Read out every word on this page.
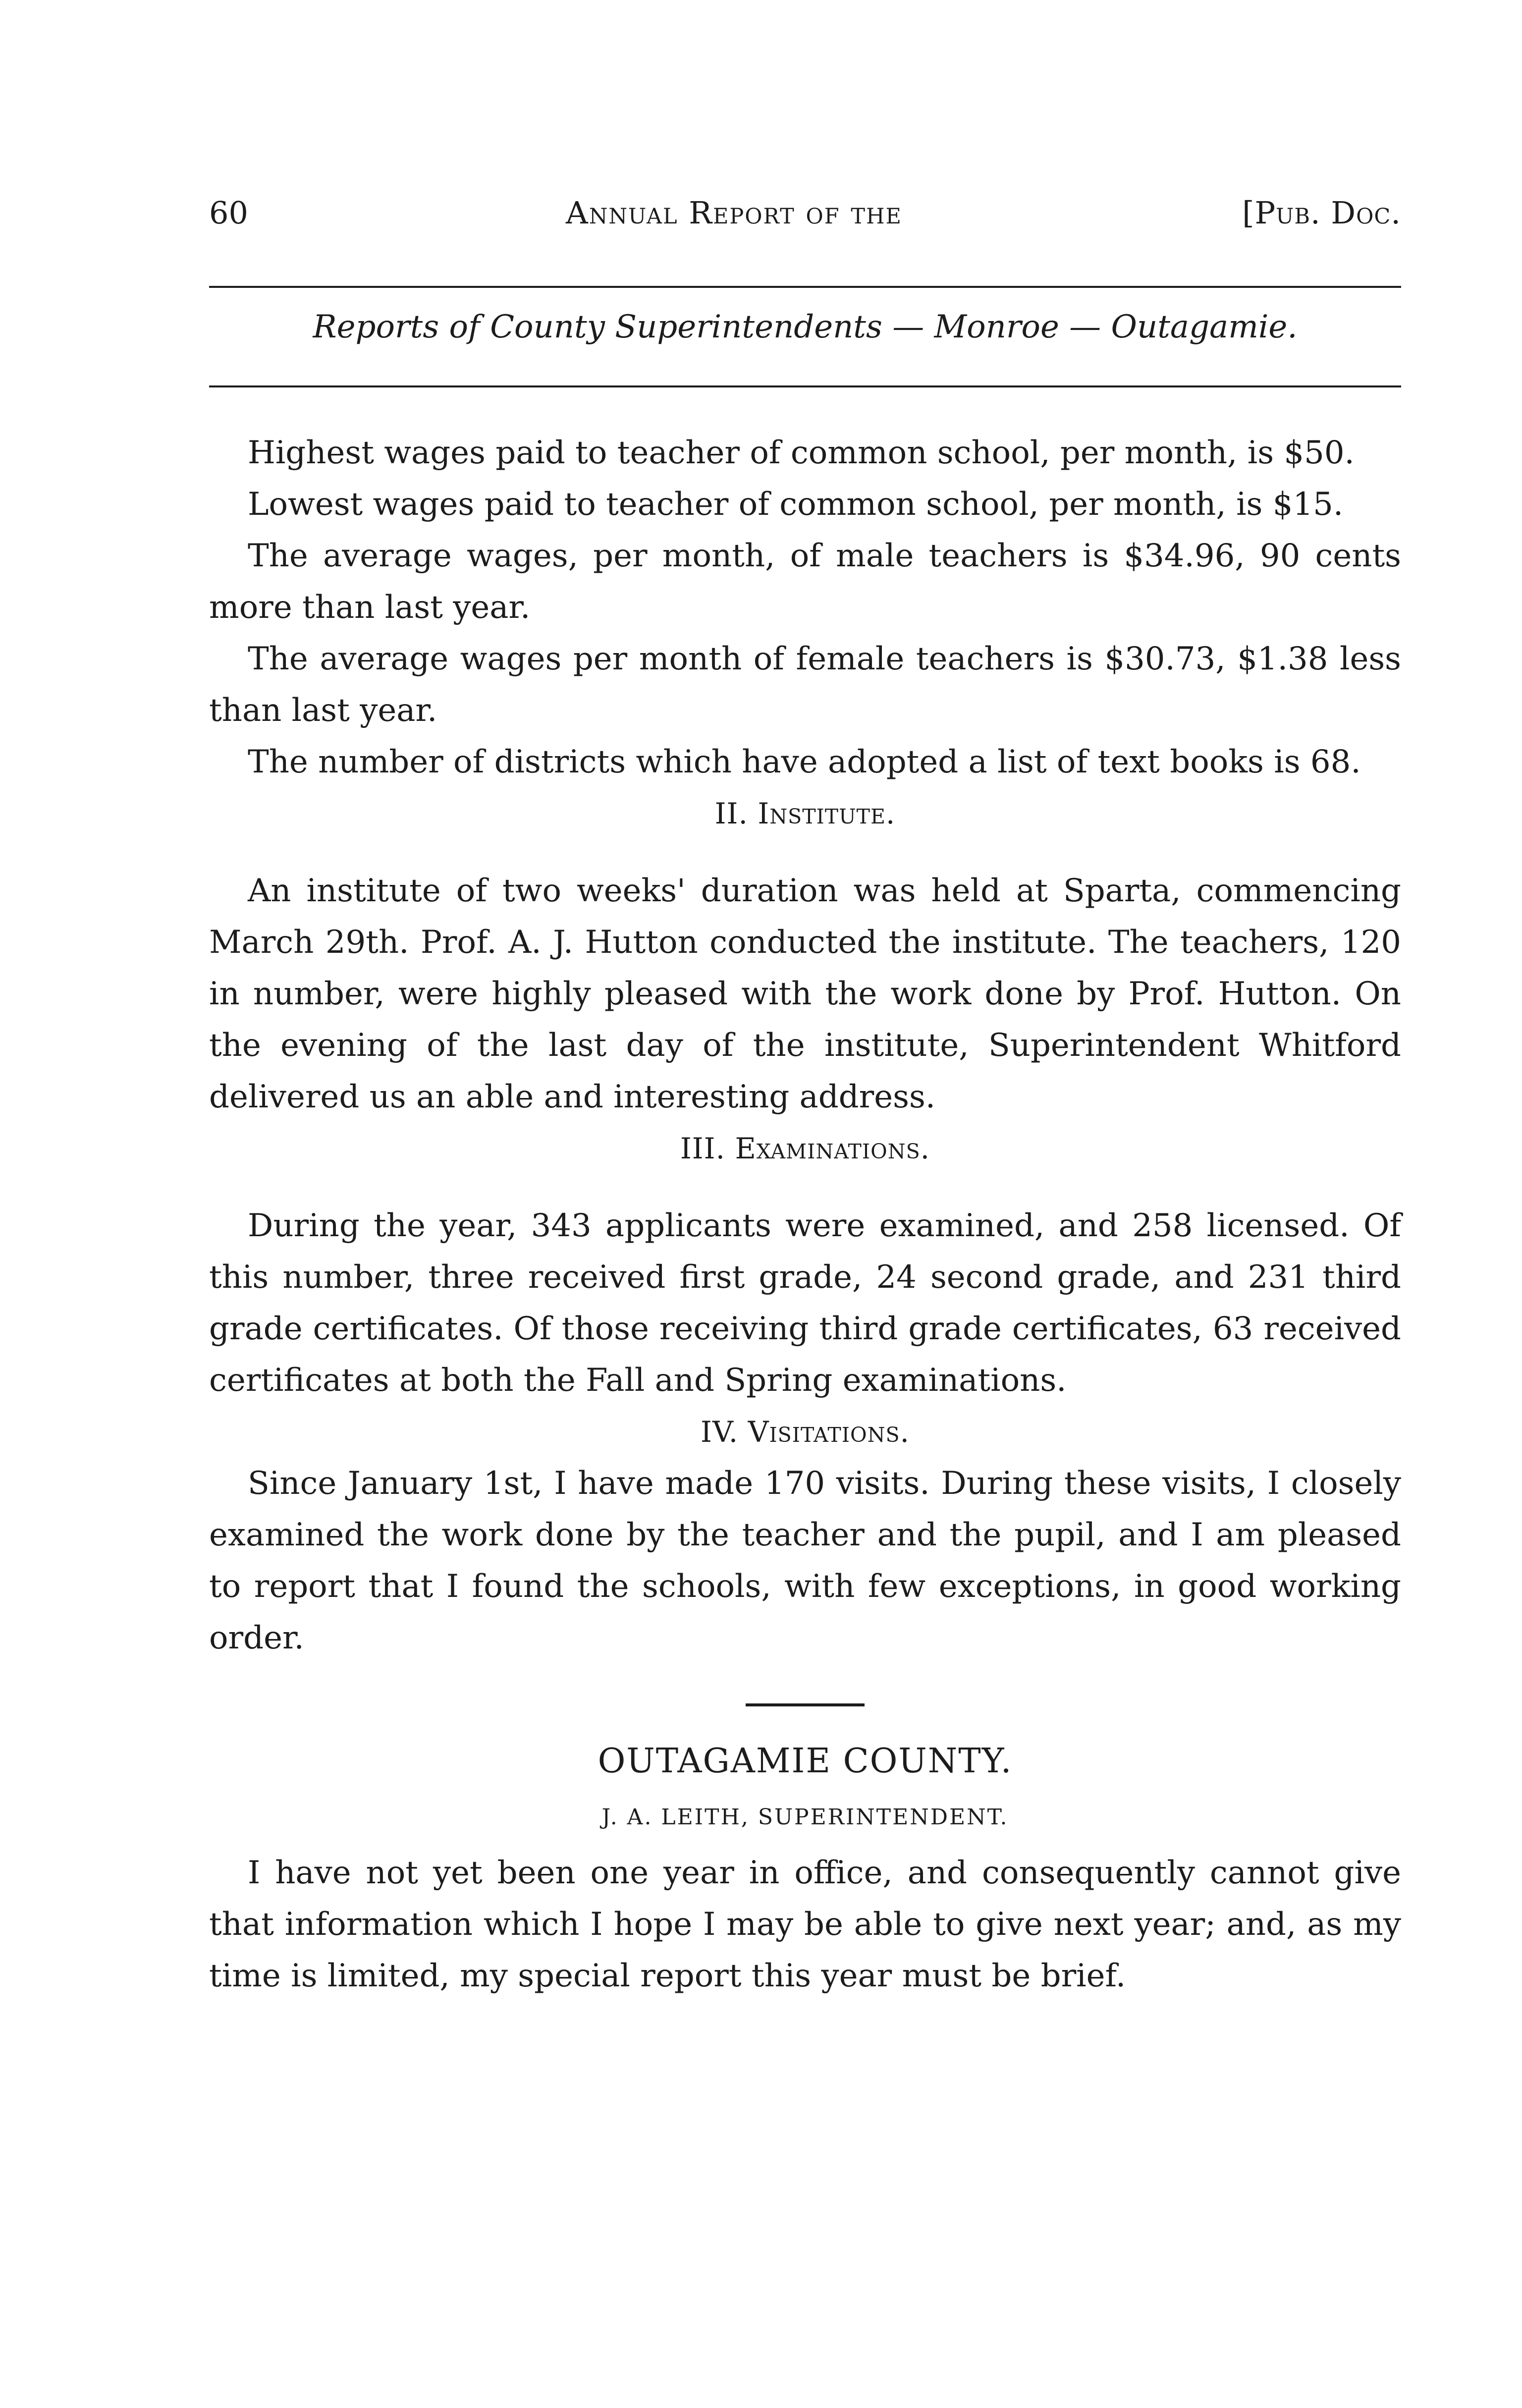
60	Annual Report of the	[Pub. Doc.
Reports of County Superintendents — Monroe — Outagamie.

Highest wages paid to teacher of common school, per month, is $50.

Lowest wages paid to teacher of common school, per month, is $15.

The average wages, per month, of male teachers is $34.96, 90 cents more than last year.

The average wages per month of female teachers is $30.73, $1.38 less than last year.

The number of districts which have adopted a list of text books is 68.

II. Institute.

An institute of two weeks' duration was held at Sparta, commencing March 29th. Prof. A. J. Hutton conducted the institute. The teachers, 120 in number, were highly pleased with the work done by Prof. Hutton. On the evening of the last day of the institute, Superintendent Whitford delivered us an able and interesting address.

III. Examinations.

During the year, 343 applicants were examined, and 258 licensed. Of this number, three received first grade, 24 second grade, and 231 third grade certificates. Of those receiving third grade certificates, 63 received certificates at both the Fall and Spring examinations.

IV. Visitations.

Since January 1st, I have made 170 visits. During these visits, I closely examined the work done by the teacher and the pupil, and I am pleased to report that I found the schools, with few exceptions, in good working order.

OUTAGAMIE COUNTY.
J. A. LEITH, SUPERINTENDENT.

I have not yet been one year in office, and consequently cannot give that information which I hope I may be able to give next year; and, as my time is limited, my special report this year must be brief.
